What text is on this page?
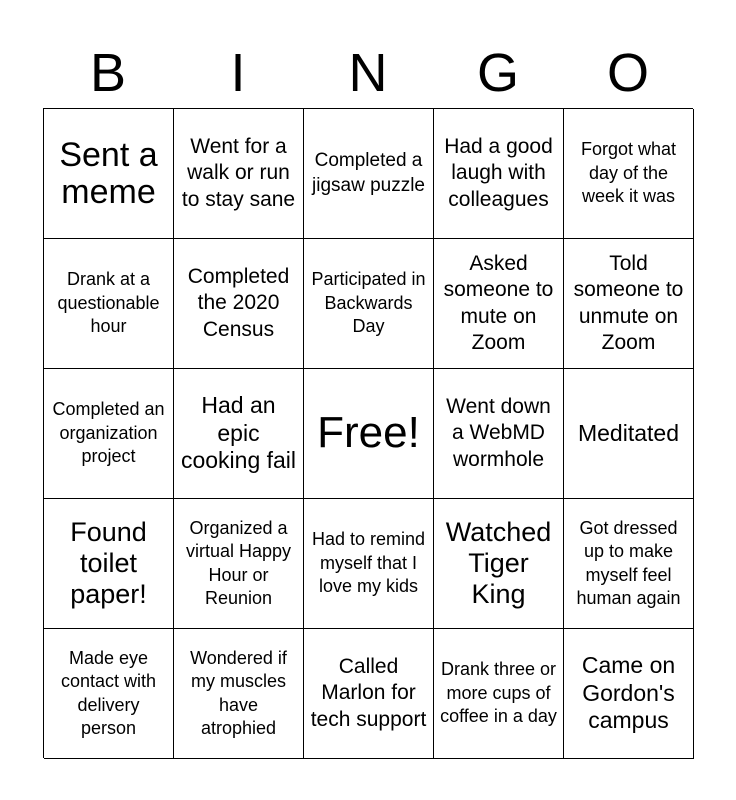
B	I	N	G	O
Sent a meme
Went for a walk or run to stay sane
Completed a jigsaw puzzle
Had a good laugh with colleagues
Forgot what day of the week it was
Drank at a questionable hour
Completed the 2020 Census
Participated in Backwards Day
Asked someone to mute on Zoom
Told someone to unmute on Zoom
Completed an organization project
Had an epic cooking fail
Free!
Went down a WebMD wormhole
Meditated
Found toilet paper!
Organized a virtual Happy Hour or Reunion
Had to remind myself that I love my kids
Watched Tiger King
Got dressed up to make myself feel human again
Made eye contact with delivery person
Wondered if my muscles have atrophied
Called Marlon for tech support
Drank three or more cups of coffee in a day
Came on Gordon's campus
